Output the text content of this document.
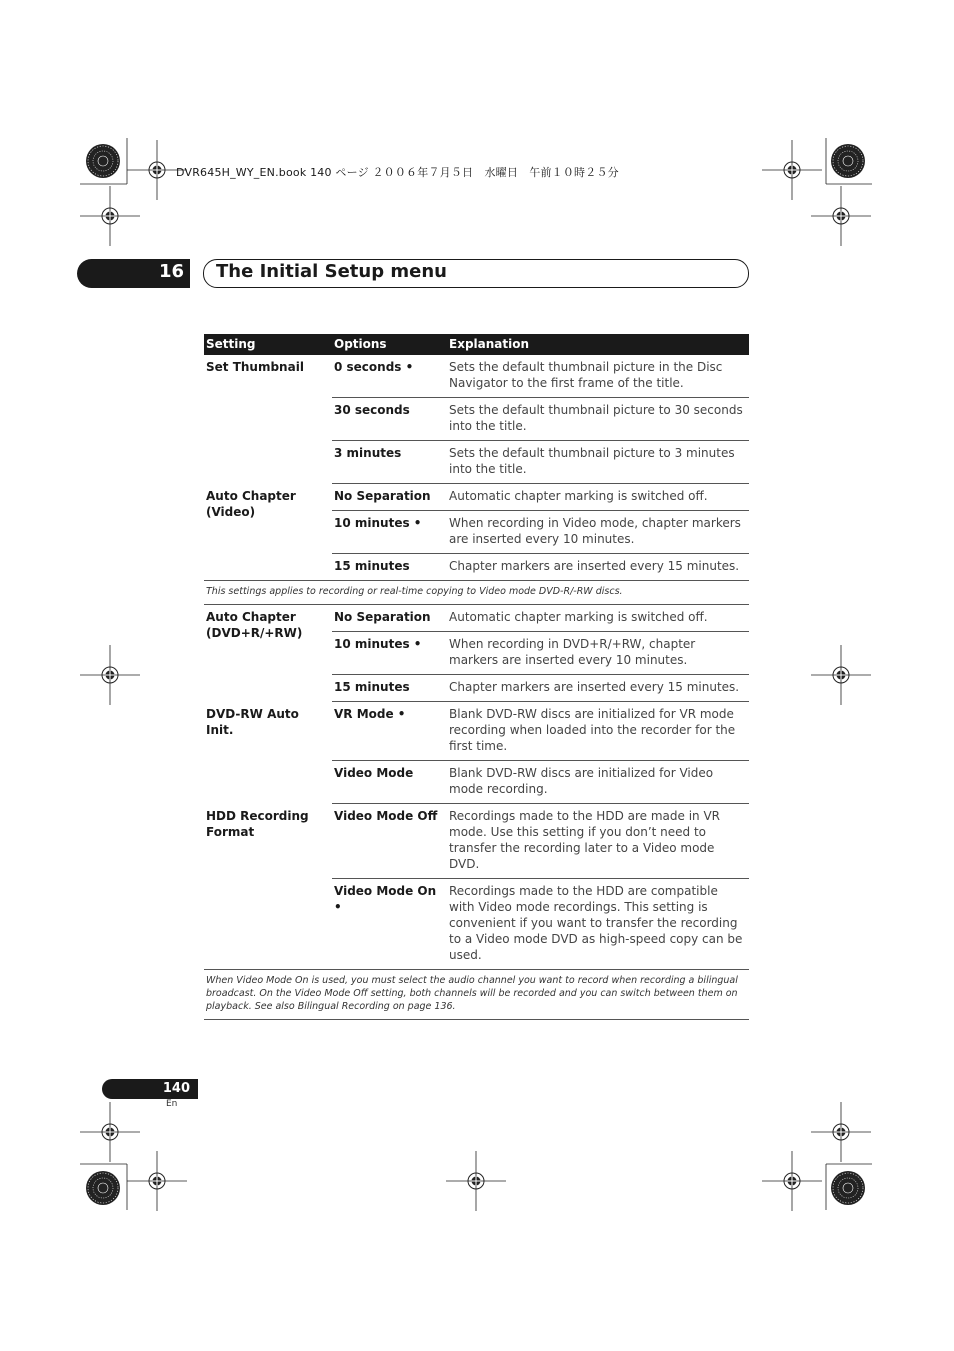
DVR645H_WY_EN.book 140 ページ ２００６年７月５日　水曜日　午前１０時２５分
16 The Initial Setup menu
Setting	Options	Explanation
Set Thumbnail	0 seconds •	Sets the default thumbnail picture in the Disc Navigator to the first frame of the title.
	30 seconds	Sets the default thumbnail picture to 30 seconds into the title.
	3 minutes	Sets the default thumbnail picture to 3 minutes into the title.
Auto Chapter (Video)	No Separation	Automatic chapter marking is switched off.
	10 minutes •	When recording in Video mode, chapter markers are inserted every 10 minutes.
	15 minutes	Chapter markers are inserted every 15 minutes.
This settings applies to recording or real-time copying to Video mode DVD-R/-RW discs.		
Auto Chapter (DVD+R/+RW)	No Separation	Automatic chapter marking is switched off.
	10 minutes •	When recording in DVD+R/+RW, chapter markers are inserted every 10 minutes.
	15 minutes	Chapter markers are inserted every 15 minutes.
DVD-RW Auto Init.	VR Mode •	Blank DVD-RW discs are initialized for VR mode recording when loaded into the recorder for the first time.
	Video Mode	Blank DVD-RW discs are initialized for Video mode recording.
HDD Recording Format	Video Mode Off	Recordings made to the HDD are made in VR mode. Use this setting if you don’t need to transfer the recording later to a Video mode DVD.
	Video Mode On •	Recordings made to the HDD are compatible with Video mode recordings. This setting is convenient if you want to transfer the recording to a Video mode DVD as high-speed copy can be used.
When Video Mode On is used, you must select the audio channel you want to record when recording a bilingual broadcast. On the Video Mode Off setting, both channels will be recorded and you can switch between them on playback. See also Bilingual Recording on page 136.		
140
En
